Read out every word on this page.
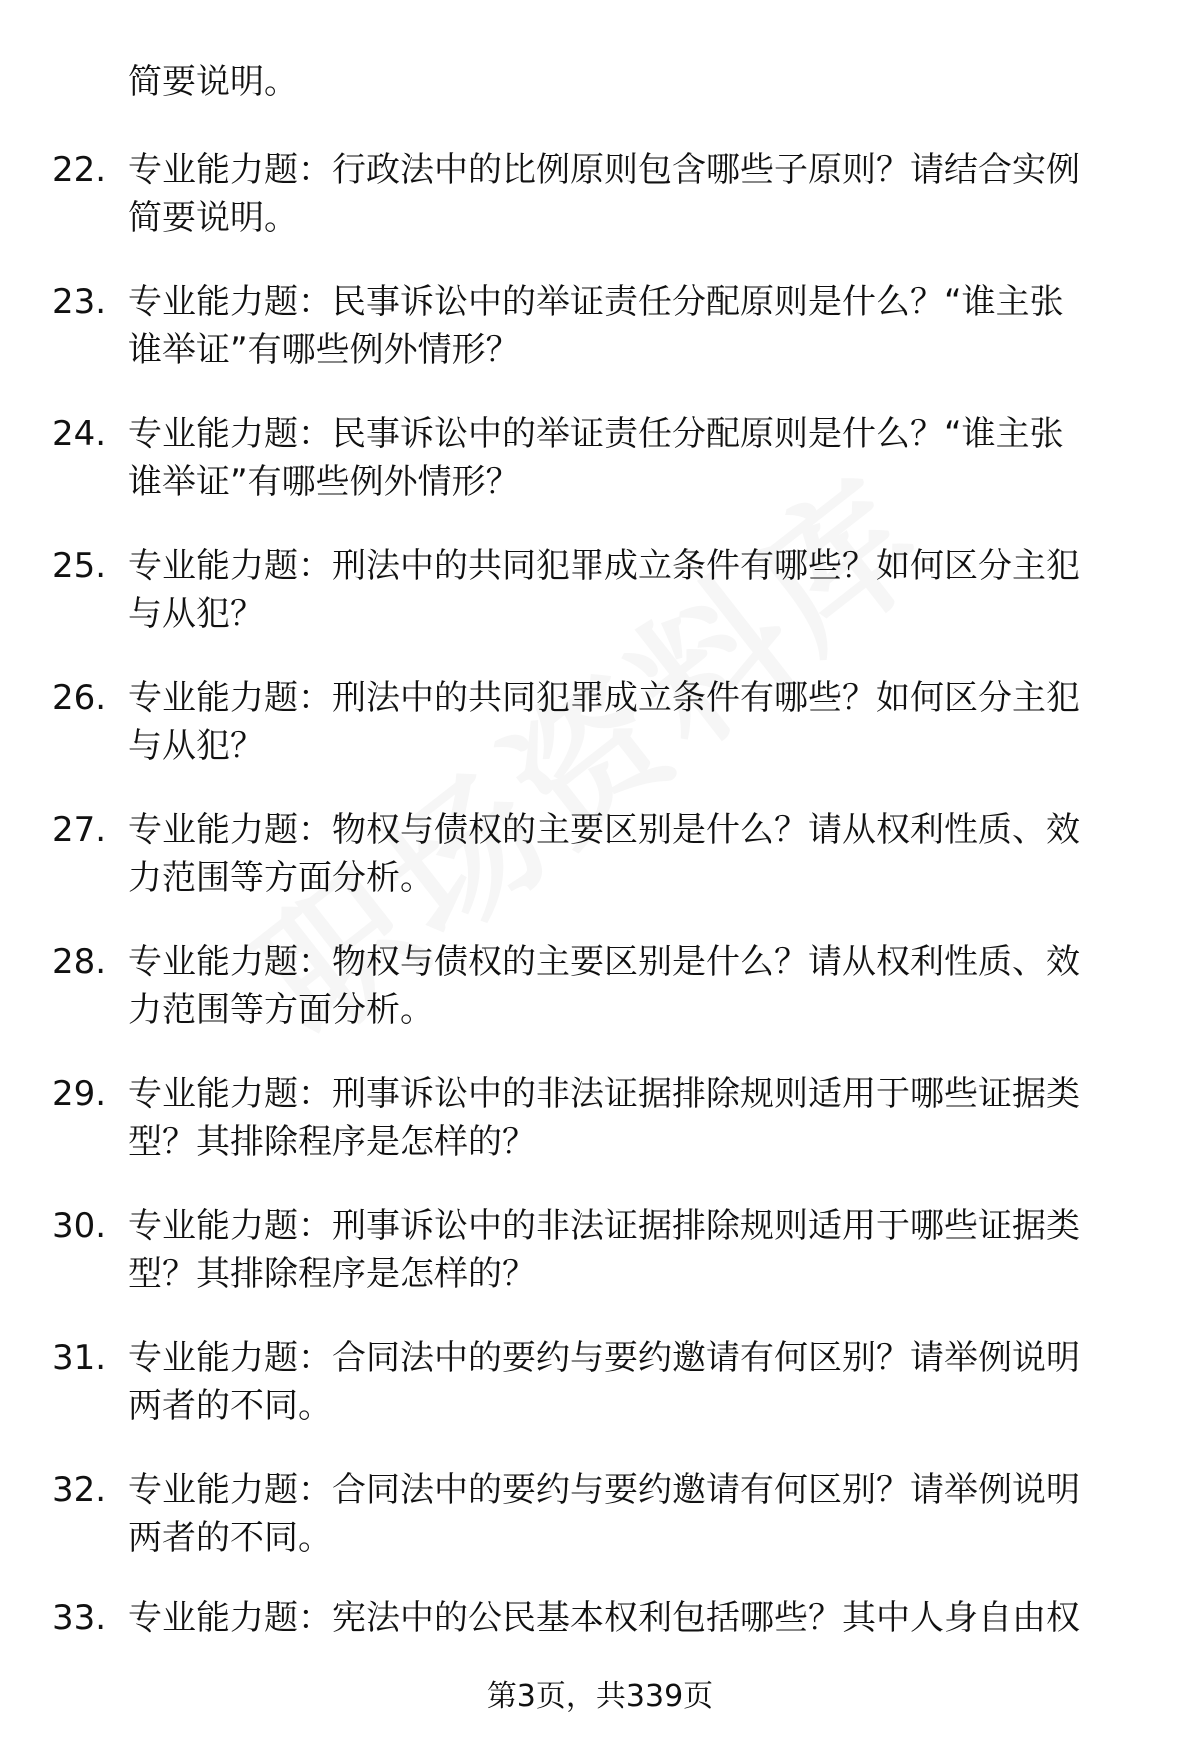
简要说明。
22. 专业能力题：行政法中的比例原则包含哪些子原则？请结合实例
简要说明。
23. 专业能力题：民事诉讼中的举证责任分配原则是什么？“谁主张
谁举证”有哪些例外情形？
24. 专业能力题：民事诉讼中的举证责任分配原则是什么？“谁主张
谁举证”有哪些例外情形？
25. 专业能力题：刑法中的共同犯罪成立条件有哪些？如何区分主犯
与从犯？
26. 专业能力题：刑法中的共同犯罪成立条件有哪些？如何区分主犯
与从犯？
27. 专业能力题：物权与债权的主要区别是什么？请从权利性质、效
力范围等方面分析。
28. 专业能力题：物权与债权的主要区别是什么？请从权利性质、效
力范围等方面分析。
29. 专业能力题：刑事诉讼中的非法证据排除规则适用于哪些证据类
型？其排除程序是怎样的？
30. 专业能力题：刑事诉讼中的非法证据排除规则适用于哪些证据类
型？其排除程序是怎样的？
31. 专业能力题：合同法中的要约与要约邀请有何区别？请举例说明
两者的不同。
32. 专业能力题：合同法中的要约与要约邀请有何区别？请举例说明
两者的不同。
33. 专业能力题：宪法中的公民基本权利包括哪些？其中人身自由权
第3页，共339页
